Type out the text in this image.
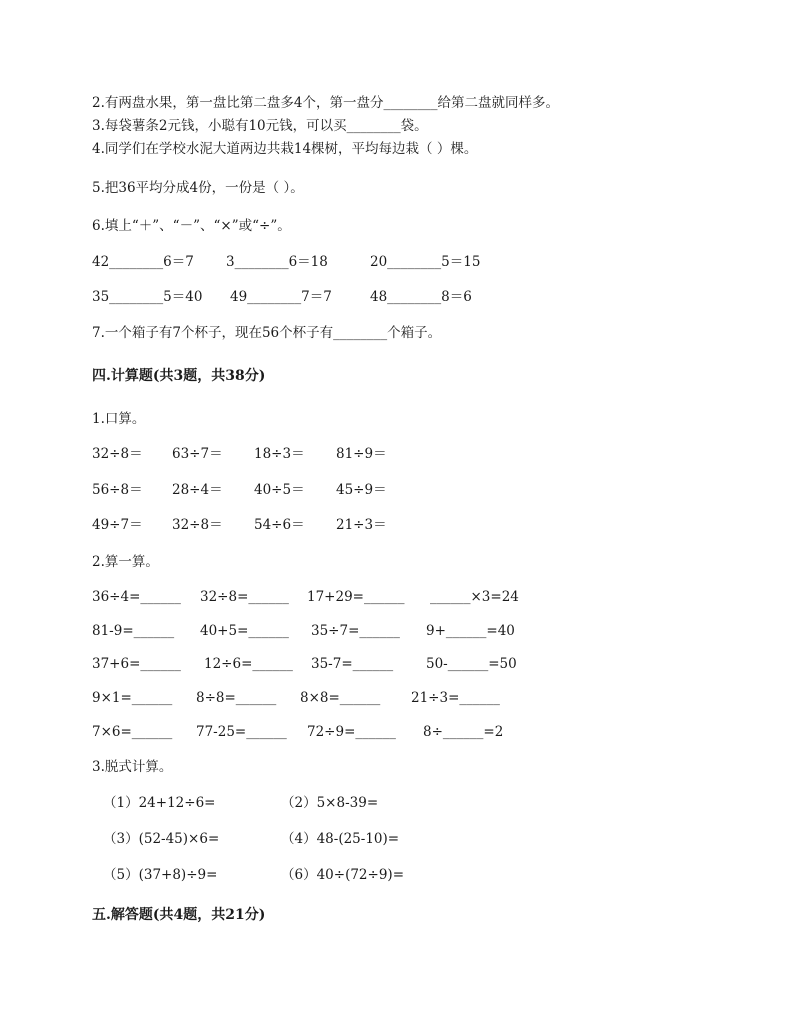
2.有两盘水果，第一盘比第二盘多4个，第一盘分________给第二盘就同样多。
3.每袋薯条2元钱，小聪有10元钱，可以买________袋。
4.同学们在学校水泥大道两边共栽14棵树，平均每边栽（ ）棵。
5.把36平均分成4份，一份是（ ）。
6.填上“＋”、“－”、“×”或“÷”。
42________6＝7 3________6＝18	20________5＝15
35________5＝40 49________7＝7	48________8＝6
7.一个箱子有7个杯子，现在56个杯子有________个箱子。
四.计算题(共3题，共38分)
1.口算。
32÷8＝ 63÷7＝ 18÷3＝ 81÷9＝
56÷8＝ 28÷4＝ 40÷5＝ 45÷9＝
49÷7＝ 32÷8＝ 54÷6＝ 21÷3＝
2.算一算。
36÷4=______ 32÷8=______ 17+29=______ ______×3=24
81-9=______ 40+5=______ 35÷7=______ 9+______=40
37+6=______ 12÷6=______ 35-7=______ 50-______=50
9×1=______ 8÷8=______ 8×8=______ 21÷3=______
7×6=______ 77-25=______ 72÷9=______ 8÷______=2
3.脱式计算。
（1）24+12÷6=	（2）5×8-39=
（3）(52-45)×6=	（4）48-(25-10)=
（5）(37+8)÷9=	（6）40÷(72÷9)=
五.解答题(共4题，共21分)
